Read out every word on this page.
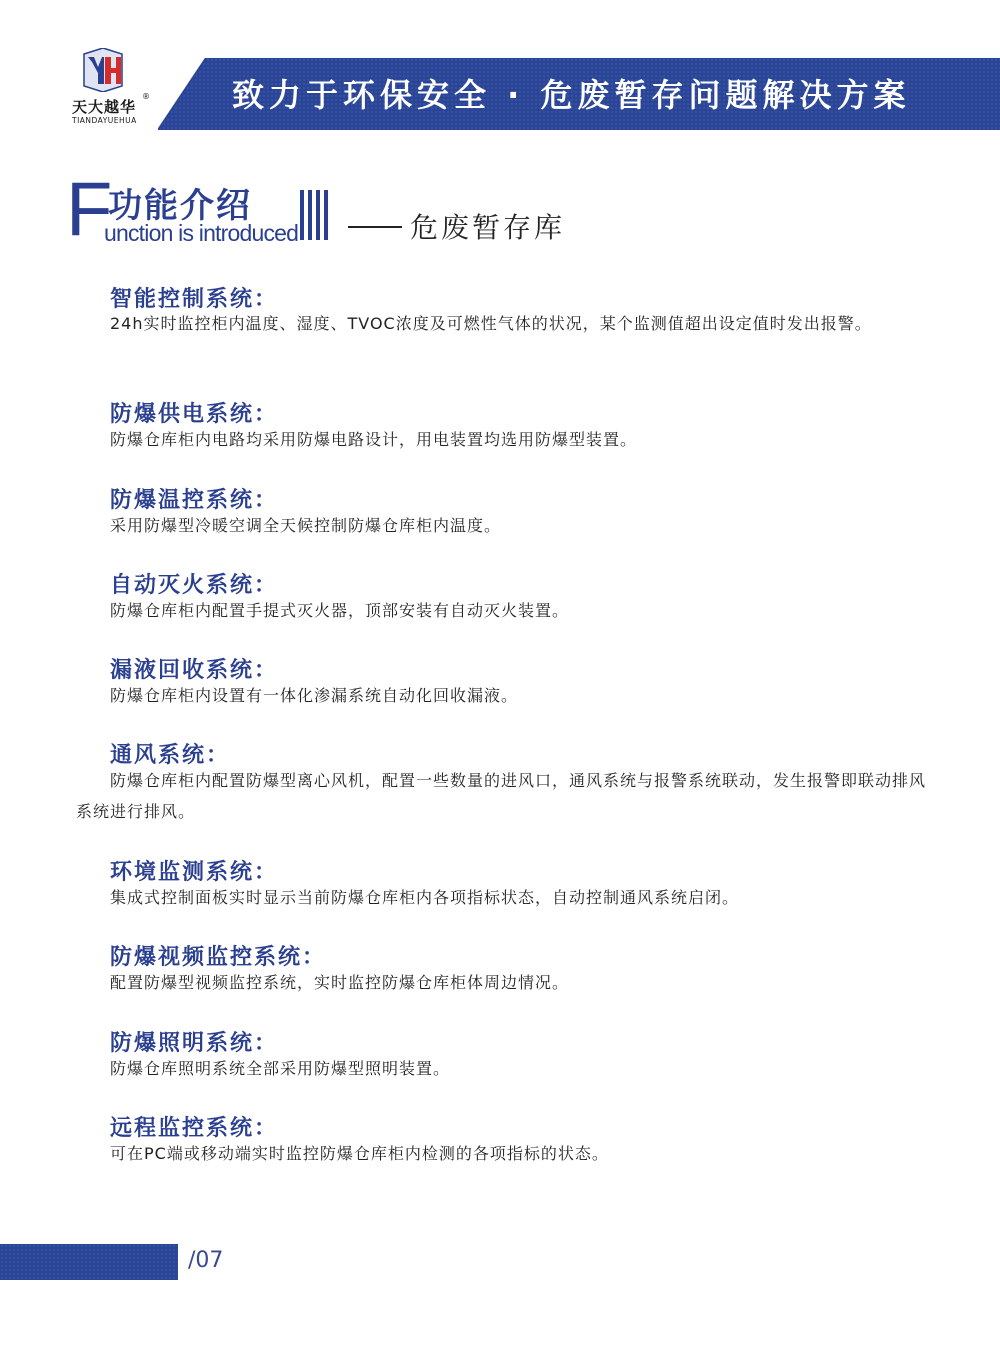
天大越华
®
TIANDAYUEHUA
致力于环保安全 · 危废暂存问题解决方案
F
功能介绍
unction is introduced	危废暂存库
智能控制系统：
24h实时监控柜内温度、湿度、TVOC浓度及可燃性气体的状况，某个监测值超出设定值时发出报警。
防爆供电系统：
防爆仓库柜内电路均采用防爆电路设计，用电装置均选用防爆型装置。
防爆温控系统：
采用防爆型冷暖空调全天候控制防爆仓库柜内温度。
自动灭火系统：
防爆仓库柜内配置手提式灭火器，顶部安装有自动灭火装置。
漏液回收系统：
防爆仓库柜内设置有一体化渗漏系统自动化回收漏液。
通风系统：
防爆仓库柜内配置防爆型离心风机，配置一些数量的进风口，通风系统与报警系统联动，发生报警即联动排风系统进行排风。
环境监测系统：
集成式控制面板实时显示当前防爆仓库柜内各项指标状态，自动控制通风系统启闭。
防爆视频监控系统：
配置防爆型视频监控系统，实时监控防爆仓库柜体周边情况。
防爆照明系统：
防爆仓库照明系统全部采用防爆型照明装置。
远程监控系统：
可在PC端或移动端实时监控防爆仓库柜内检测的各项指标的状态。
/07
